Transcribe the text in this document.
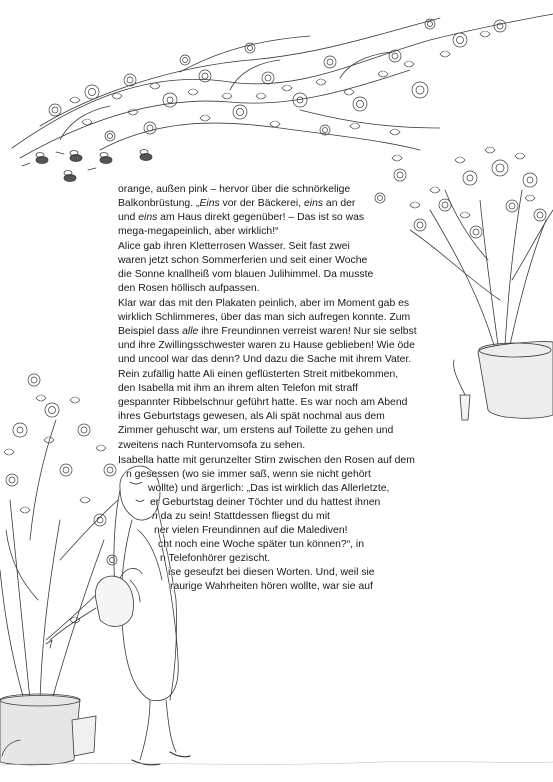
orange, außen pink – hervor über die schnörkelige
Balkonbrüstung. „Eins vor der Bäckerei, eins an der
und eins am Haus direkt gegenüber! – Das ist so was
mega-megapeinlich, aber wirklich!“
Alice gab ihren Kletterrosen Wasser. Seit fast zwei
waren jetzt schon Sommerferien und seit einer Woche
die Sonne knallheiß vom blauen Julihimmel. Da musste
den Rosen höllisch aufpassen.
Klar war das mit den Plakaten peinlich, aber im Moment gab es
wirklich Schlimmeres, über das man sich aufregen konnte. Zum
Beispiel dass alle ihre Freundinnen verreist waren! Nur sie selbst
und ihre Zwillingsschwester waren zu Hause geblieben! Wie öde
und uncool war das denn? Und dazu die Sache mit ihrem Vater.
Rein zufällig hatte Ali einen geflüsterten Streit mitbekommen,
den Isabella mit ihm an ihrem alten Telefon mit straff
gespannter Ribbelschnur geführt hatte. Es war noch am Abend
ihres Geburtstags gewesen, als Ali spät nochmal aus dem
Zimmer gehuscht war, um erstens auf Toilette zu gehen und
zweitens nach Runtervomsofa zu sehen.
Isabella hatte mit gerunzelter Stirn zwischen den Rosen auf dem
n gesessen (wo sie immer saß, wenn sie nicht gehört
wollte) und ärgerlich: „Das ist wirklich das Allerletzte,
er Geburtstag deiner Töchter und du hattest ihnen
n da zu sein! Stattdessen fliegst du mit
ner vielen Freundinnen auf die Malediven!
cht noch eine Woche später tun können?“, in
n Telefonhörer gezischt.
ise geseufzt bei diesen Worten. Und, weil sie
raurige Wahrheiten hören wollte, war sie auf
